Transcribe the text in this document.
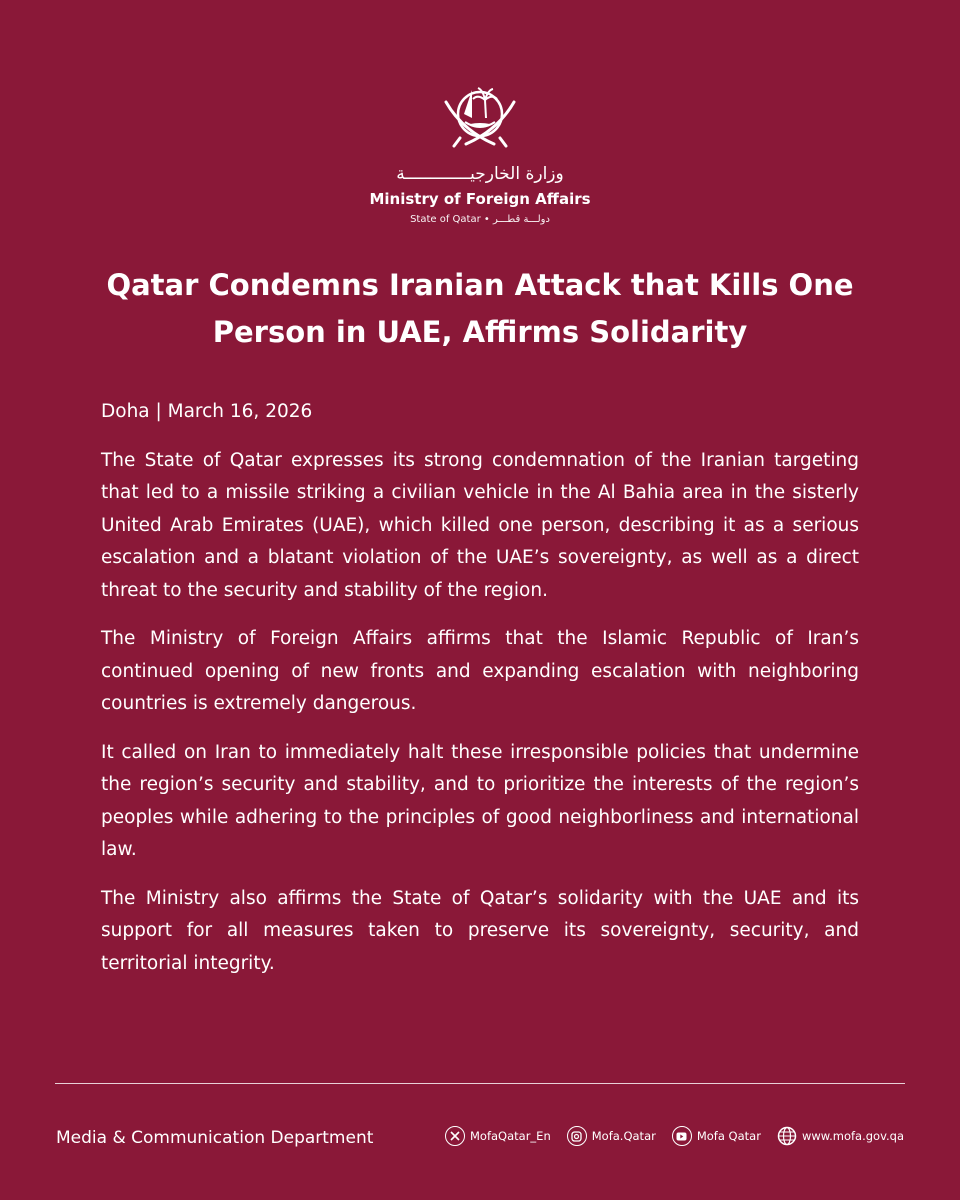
وزارة الخارجيـــــــــــــة
Ministry of Foreign Affairs
State of Qatar • دولـــة قطـــر
Qatar Condemns Iranian Attack that Kills One
Person in UAE, Affirms Solidarity

Doha | March 16, 2026

The State of Qatar expresses its strong condemnation of the Iranian targeting that led to a missile striking a civilian vehicle in the Al Bahia area in the sisterly United Arab Emirates (UAE), which killed one person, describing it as a serious escalation and a blatant violation of the UAE’s sovereignty, as well as a direct threat to the security and stability of the region.

The Ministry of Foreign Affairs affirms that the Islamic Republic of Iran’s continued opening of new fronts and expanding escalation with neighboring countries is extremely dangerous.

It called on Iran to immediately halt these irresponsible policies that undermine the region’s security and stability, and to prioritize the interests of the region’s peoples while adhering to the principles of good neighborliness and international law.

The Ministry also affirms the State of Qatar’s solidarity with the UAE and its support for all measures taken to preserve its sovereignty, security, and territorial integrity.

Media & Communication Department	MofaQatar_En	Mofa.Qatar	Mofa Qatar	www.mofa.gov.qa
